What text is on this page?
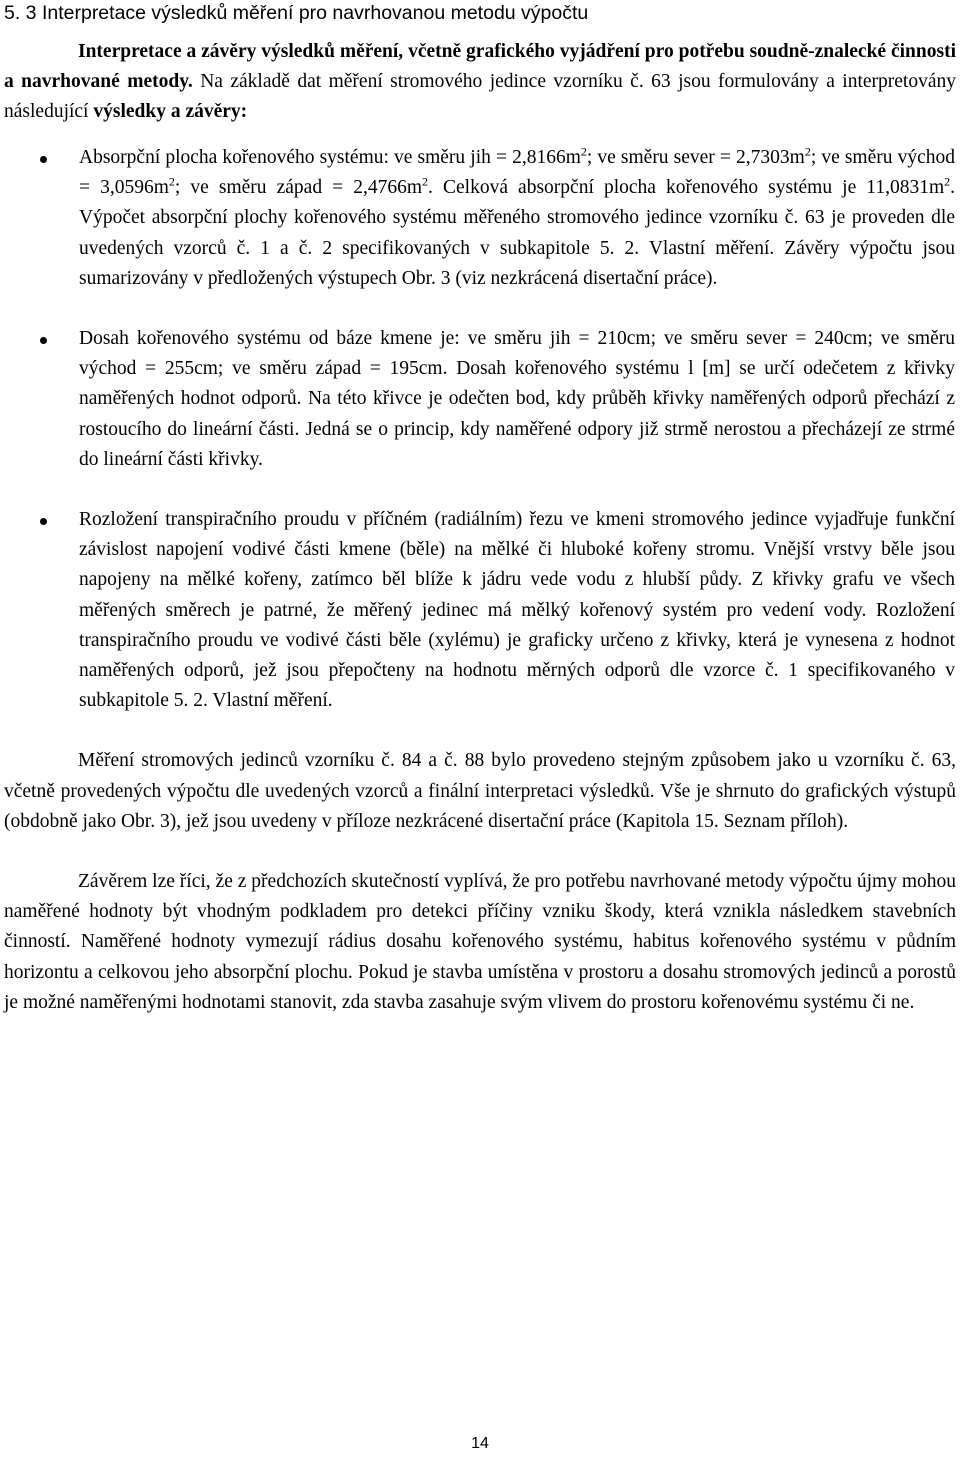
5. 3 Interpretace výsledků měření pro navrhovanou metodu výpočtu
Interpretace a závěry výsledků měření, včetně grafického vyjádření pro potřebu soudně-znalecké činnosti a navrhované metody. Na základě dat měření stromového jedince vzorníku č. 63 jsou formulovány a interpretovány následující výsledky a závěry:
Absorpční plocha kořenového systému: ve směru jih = $2,8166m^2$; ve směru sever = $2,7303m^2$; ve směru východ = $3,0596m^2$; ve směru západ = $2,4766m^2$. Celková absorpční plocha kořenového systému je $11,0831m^2$. Výpočet absorpční plochy kořenového systému měřeného stromového jedince vzorníku č. 63 je proveden dle uvedených vzorců č. 1 a č. 2 specifikovaných v subkapitole 5. 2. Vlastní měření. Závěry výpočtu jsou sumarizovány v předložených výstupech Obr. 3 (viz nezkrácená disertační práce).
Dosah kořenového systému od báze kmene je: ve směru jih = 210cm; ve směru sever = 240cm; ve směru východ = 255cm; ve směru západ = 195cm. Dosah kořenového systému l [m] se určí odečetem z křivky naměřených hodnot odporů. Na této křivce je odečten bod, kdy průběh křivky naměřených odporů přechází z rostoucího do lineární části. Jedná se o princip, kdy naměřené odpory již strmě nerostou a přecházejí ze strmé do lineární části křivky.
Rozložení transpiračního proudu v příčném (radiálním) řezu ve kmeni stromového jedince vyjadřuje funkční závislost napojení vodivé části kmene (běle) na mělké či hluboké kořeny stromu. Vnější vrstvy běle jsou napojeny na mělké kořeny, zatímco běl blíže k jádru vede vodu z hlubší půdy. Z křivky grafu ve všech měřených směrech je patrné, že měřený jedinec má mělký kořenový systém pro vedení vody. Rozložení transpiračního proudu ve vodivé části běle (xylému) je graficky určeno z křivky, která je vynesena z hodnot naměřených odporů, jež jsou přepočteny na hodnotu měrných odporů dle vzorce č. 1 specifikovaného v subkapitole 5. 2. Vlastní měření.
Měření stromových jedinců vzorníku č. 84 a č. 88 bylo provedeno stejným způsobem jako u vzorníku č. 63, včetně provedených výpočtu dle uvedených vzorců a finální interpretaci výsledků. Vše je shrnuto do grafických výstupů (obdobně jako Obr. 3), jež jsou uvedeny v příloze nezkrácené disertační práce (Kapitola 15. Seznam příloh).
Závěrem lze říci, že z předchozích skutečností vyplívá, že pro potřebu navrhované metody výpočtu újmy mohou naměřené hodnoty být vhodným podkladem pro detekci příčiny vzniku škody, která vznikla následkem stavebních činností. Naměřené hodnoty vymezují rádius dosahu kořenového systému, habitus kořenového systému v půdním horizontu a celkovou jeho absorpční plochu. Pokud je stavba umístěna v prostoru a dosahu stromových jedinců a porostů je možné naměřenými hodnotami stanovit, zda stavba zasahuje svým vlivem do prostoru kořenovému systému či ne.
14
